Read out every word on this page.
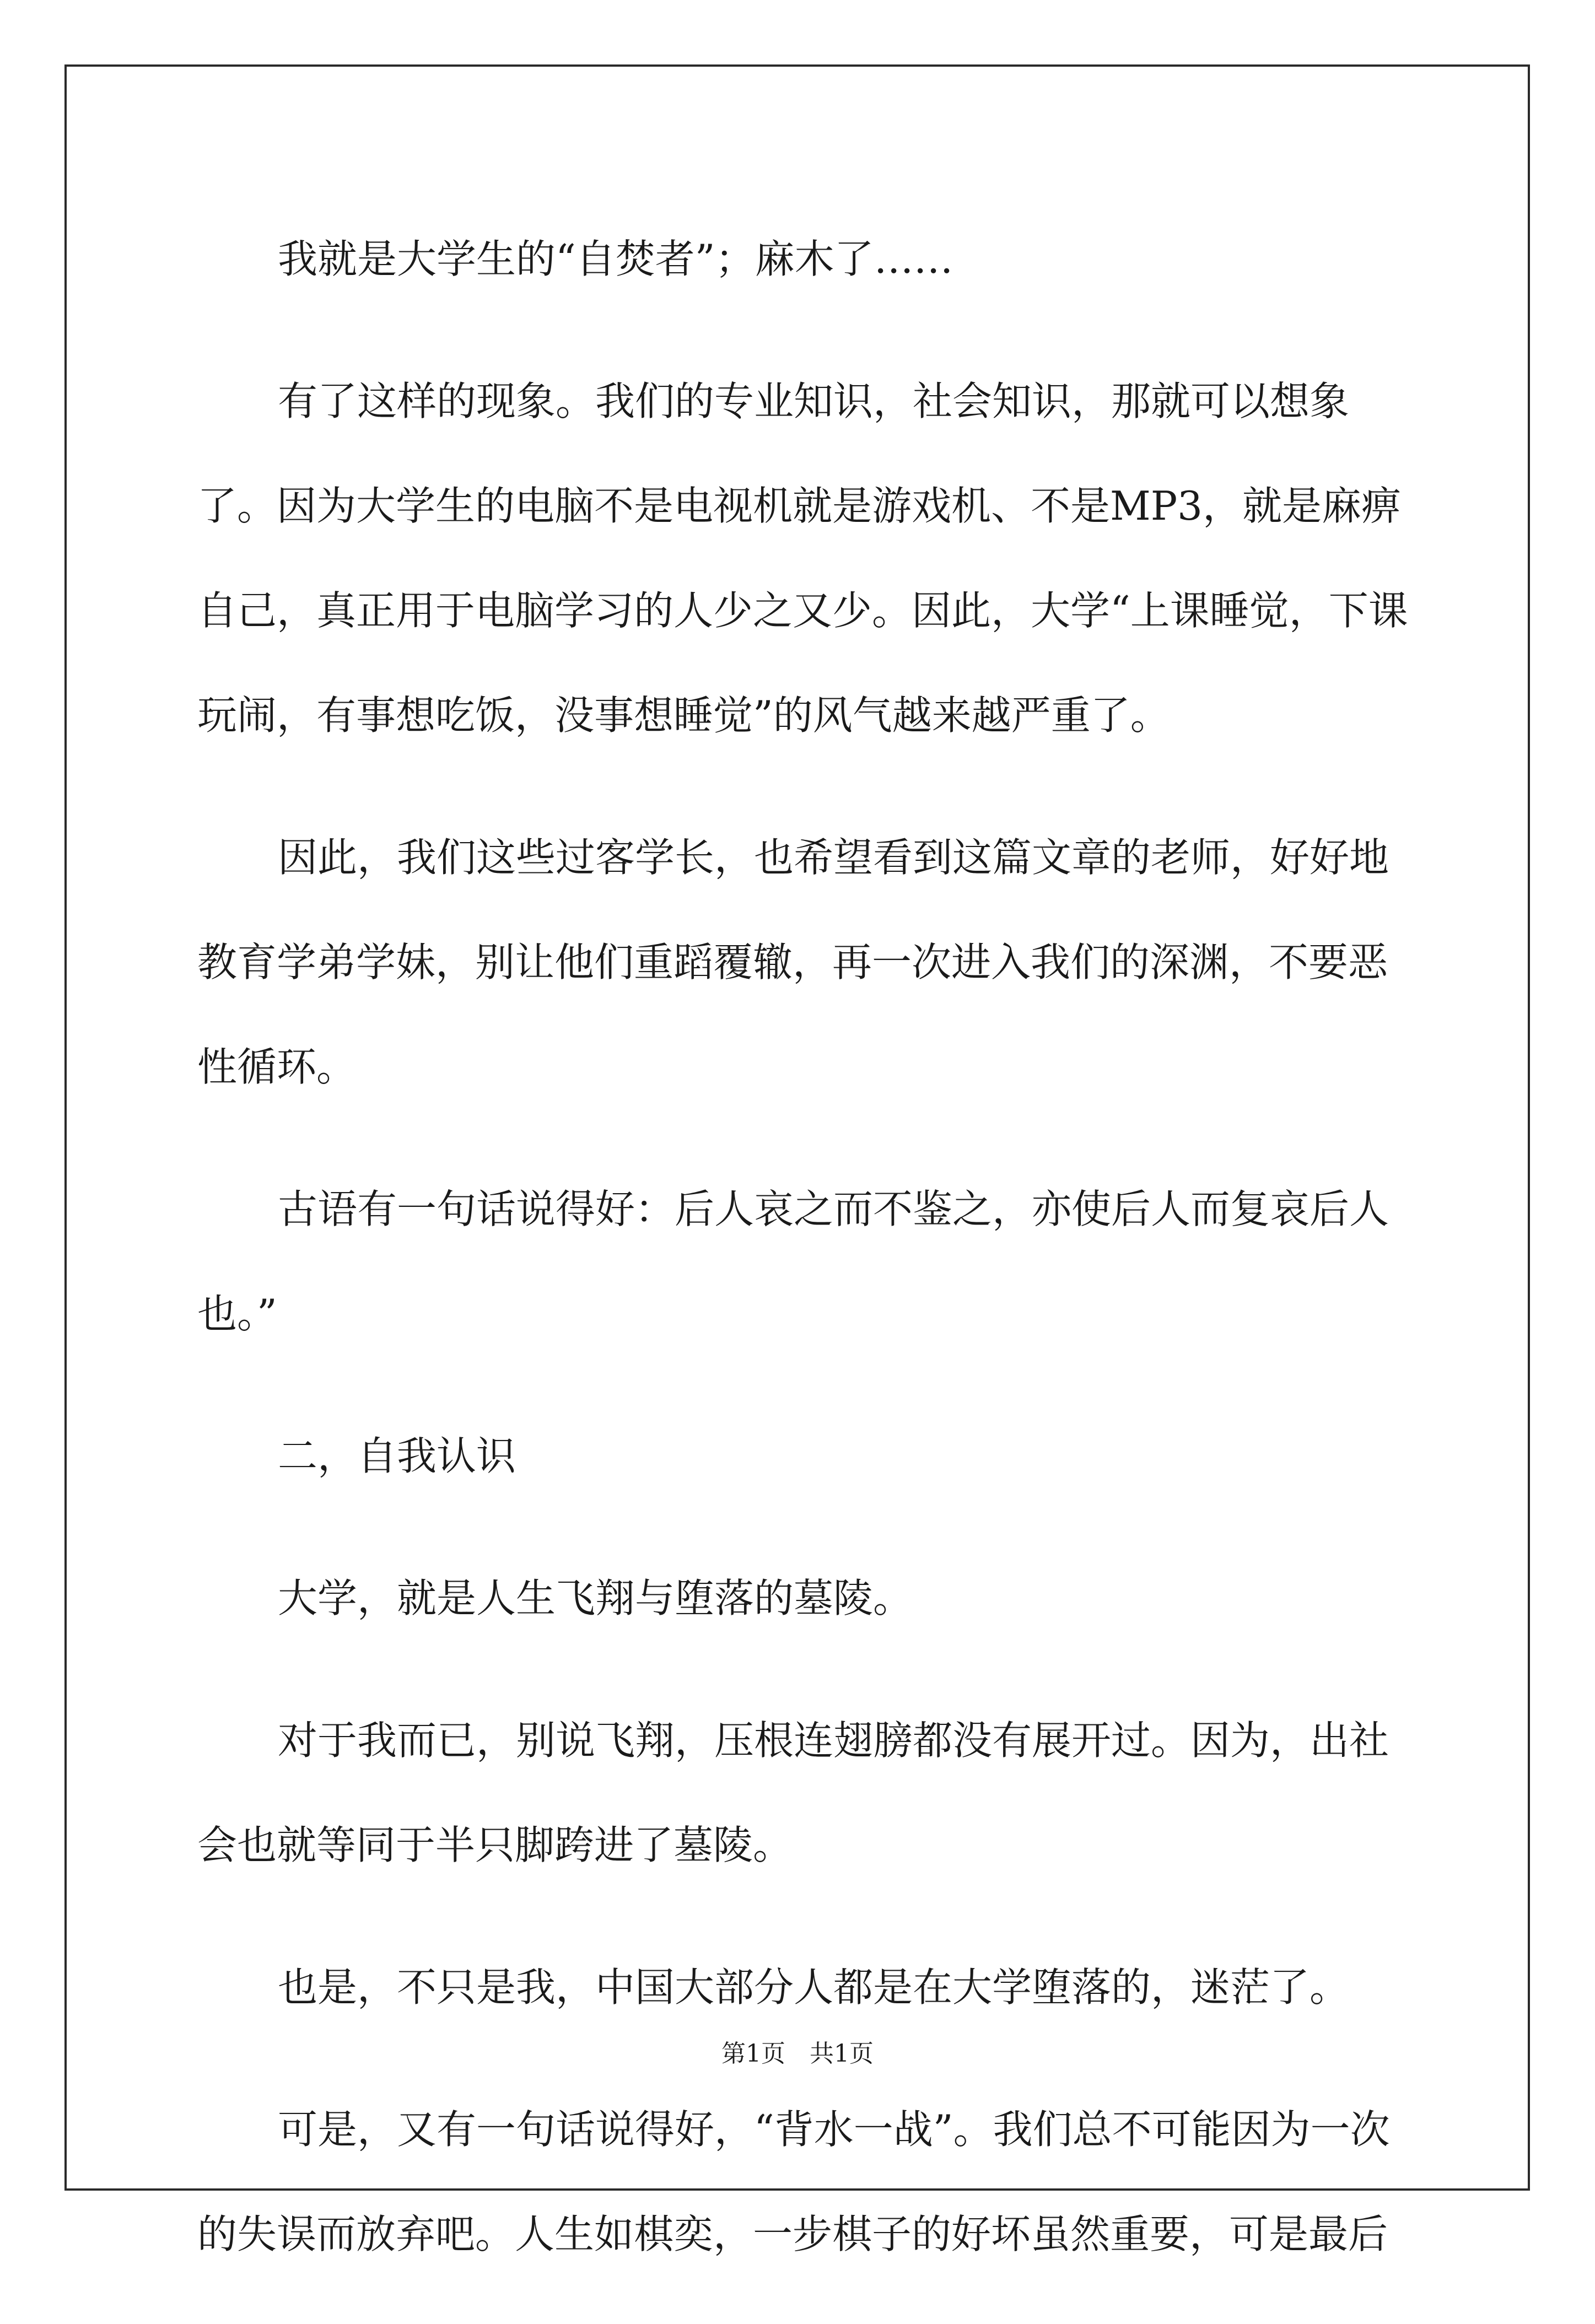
我就是大学生的“自焚者”；麻木了……

有了这样的现象。我们的专业知识，社会知识，那就可以想象了。因为大学生的电脑不是电视机就是游戏机、不是MP3，就是麻痹自己，真正用于电脑学习的人少之又少。因此，大学“上课睡觉，下课玩闹，有事想吃饭，没事想睡觉”的风气越来越严重了。

因此，我们这些过客学长，也希望看到这篇文章的老师，好好地教育学弟学妹，别让他们重蹈覆辙，再一次进入我们的深渊，不要恶性循环。

古语有一句话说得好：后人哀之而不鉴之，亦使后人而复哀后人也。”

二，自我认识

大学，就是人生飞翔与堕落的墓陵。

对于我而已，别说飞翔，压根连翅膀都没有展开过。因为，出社会也就等同于半只脚跨进了墓陵。

也是，不只是我，中国大部分人都是在大学堕落的，迷茫了。

可是，又有一句话说得好，“背水一战”。我们总不可能因为一次的失误而放弃吧。人生如棋奕，一步棋子的好坏虽然重要，可是最后

第1页　共1页
